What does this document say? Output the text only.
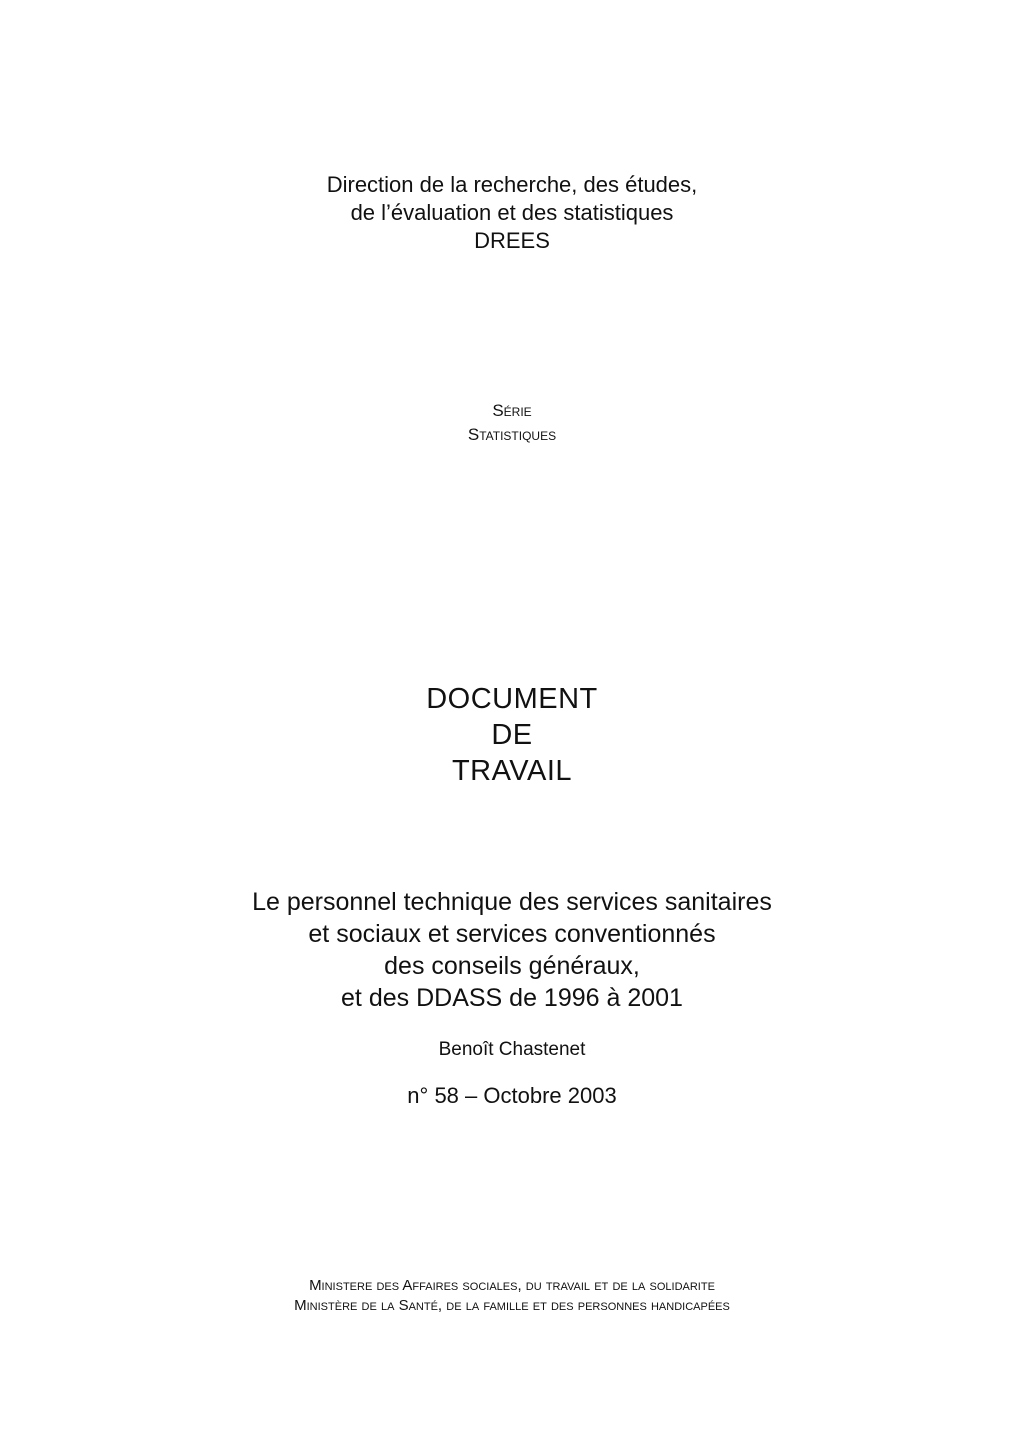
Direction de la recherche, des études,
de l’évaluation et des statistiques
DREES
Série
Statistiques
DOCUMENT
DE
TRAVAIL
Le personnel technique des services sanitaires
et sociaux et services conventionnés
des conseils généraux,
et des DDASS de 1996 à 2001
Benoît Chastenet
n° 58 – Octobre 2003
Ministere des Affaires sociales, du travail et de la solidarite
Ministère de la Santé, de la famille et des personnes handicapées
